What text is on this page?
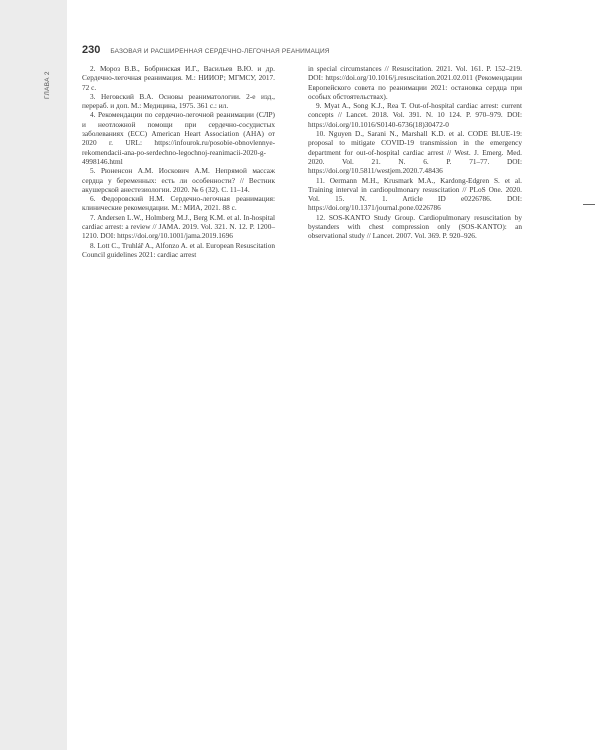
ГЛАВА 2
230 БАЗОВАЯ И РАСШИРЕННАЯ СЕРДЕЧНО-ЛЕГОЧНАЯ РЕАНИМАЦИЯ

2. Мороз В.В., Бобринская И.Г., Васильев В.Ю. и др. Сердечно-легочная реанимация. М.: НИИОР; МГМСУ, 2017. 72 с.

3. Неговский В.А. Основы реаниматологии. 2-е изд., перераб. и доп. М.: Медицина, 1975. 361 с.: ил.

4. Рекомендации по сердечно-легочной реанимации (СЛР) и неотложной помощи при сердечно-сосудистых заболеваниях (ECC) American Heart Association (AHA) от 2020 г. URL: https://infourok.ru/posobie-obnovlennye-rekomendacii-ana-po-serdechno-legochnoj-reanimacii-2020-g-4998146.html

5. Рюненсон А.М. Иоскович А.М. Непрямой массаж сердца у беременных: есть ли особенности? // Вестник акушерской анестезиологии. 2020. № 6 (32). С. 11–14.

6. Федоровский Н.М. Сердечно-легочная реанимация: клинические рекомендации. М.: МИА, 2021. 88 с.

7. Andersen L.W., Holmberg M.J., Berg K.M. et al. In-hospital cardiac arrest: a review // JAMA. 2019. Vol. 321. N. 12. P. 1200–1210. DOI: https://doi.org/10.1001/jama.2019.1696

8. Lott C., Truhlář A., Alfonzo A. et al. European Resuscitation Council guidelines 2021: cardiac arrest

in special circumstances // Resuscitation. 2021. Vol. 161. P. 152–219. DOI: https://doi.org/10.1016/j.resuscitation.2021.02.011 (Рекомендации Европейского совета по реанимации 2021: остановка сердца при особых обстоятельствах).

9. Myat A., Song K.J., Rea T. Out-of-hospital cardiac arrest: current concepts // Lancet. 2018. Vol. 391. N. 10 124. P. 970–979. DOI: https://doi.org/10.1016/S0140-6736(18)30472-0

10. Nguyen D., Sarani N., Marshall K.D. et al. CODE BLUE-19: proposal to mitigate COVID-19 transmission in the emergency department for out-of-hospital cardiac arrest // West. J. Emerg. Med. 2020. Vol. 21. N. 6. P. 71–77. DOI: https://doi.org/10.5811/westjem.2020.7.48436

11. Oermann M.H., Krusmark M.A., Kardong-Edgren S. et al. Training interval in cardiopulmonary resuscitation // PLoS One. 2020. Vol. 15. N. 1. Article ID e0226786. DOI: https://doi.org/10.1371/journal.pone.0226786

12. SOS-KANTO Study Group. Cardiopulmonary resuscitation by bystanders with chest compression only (SOS-KANTO): an observational study // Lancet. 2007. Vol. 369. P. 920–926.
